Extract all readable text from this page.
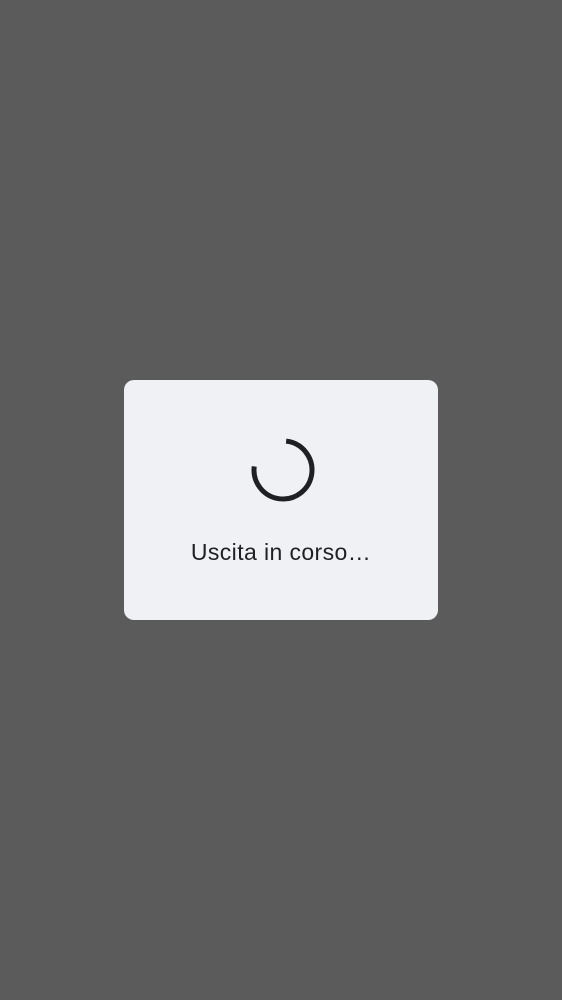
Uscita in corso…
